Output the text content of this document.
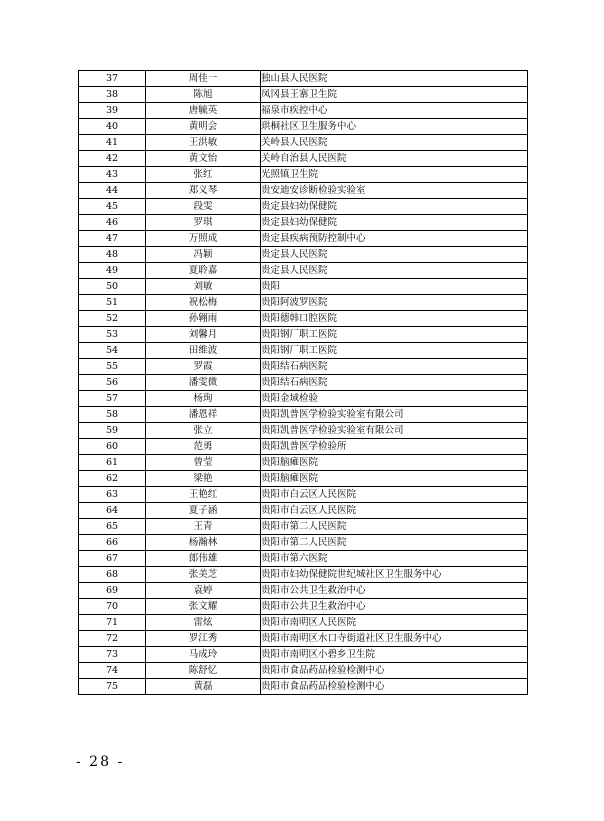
37	周佳一	独山县人民医院
38	陈旭	凤冈县王寨卫生院
39	唐毓英	福泉市疾控中心
40	黄明会	珙桐社区卫生服务中心
41	王洪敏	关岭县人民医院
42	黄文怡	关岭自治县人民医院
43	张红	光照镇卫生院
44	郑义琴	贵安迪安诊断检验实验室
45	段雯	贵定县妇幼保健院
46	罗琪	贵定县妇幼保健院
47	万照成	贵定县疾病预防控制中心
48	冯颖	贵定县人民医院
49	夏聆嘉	贵定县人民医院
50	刘敏	贵阳
51	祝松梅	贵阳阿波罗医院
52	孙翱雨	贵阳德韩口腔医院
53	刘馨月	贵阳钢厂职工医院
54	田维波	贵阳钢厂职工医院
55	罗霞	贵阳结石病医院
56	潘雯微	贵阳结石病医院
57	杨珣	贵阳金域检验
58	潘恩祥	贵阳凯普医学检验实验室有限公司
59	张立	贵阳凯普医学检验实验室有限公司
60	范勇	贵阳凯普医学检验所
61	曾莹	贵阳脑瘫医院
62	梁艳	贵阳脑瘫医院
63	王艳红	贵阳市白云区人民医院
64	夏子涵	贵阳市白云区人民医院
65	王青	贵阳市第二人民医院
66	杨瀚林	贵阳市第二人民医院
67	郎伟雄	贵阳市第六医院
68	张美芝	贵阳市妇幼保健院世纪城社区卫生服务中心
69	袁婷	贵阳市公共卫生救治中心
70	张文耀	贵阳市公共卫生救治中心
71	雷炫	贵阳市南明区人民医院
72	罗江秀	贵阳市南明区水口寺街道社区卫生服务中心
73	马成玲	贵阳市南明区小碧乡卫生院
74	陈舒忆	贵阳市食品药品检验检测中心
75	黄磊	贵阳市食品药品检验检测中心
- 28 -
